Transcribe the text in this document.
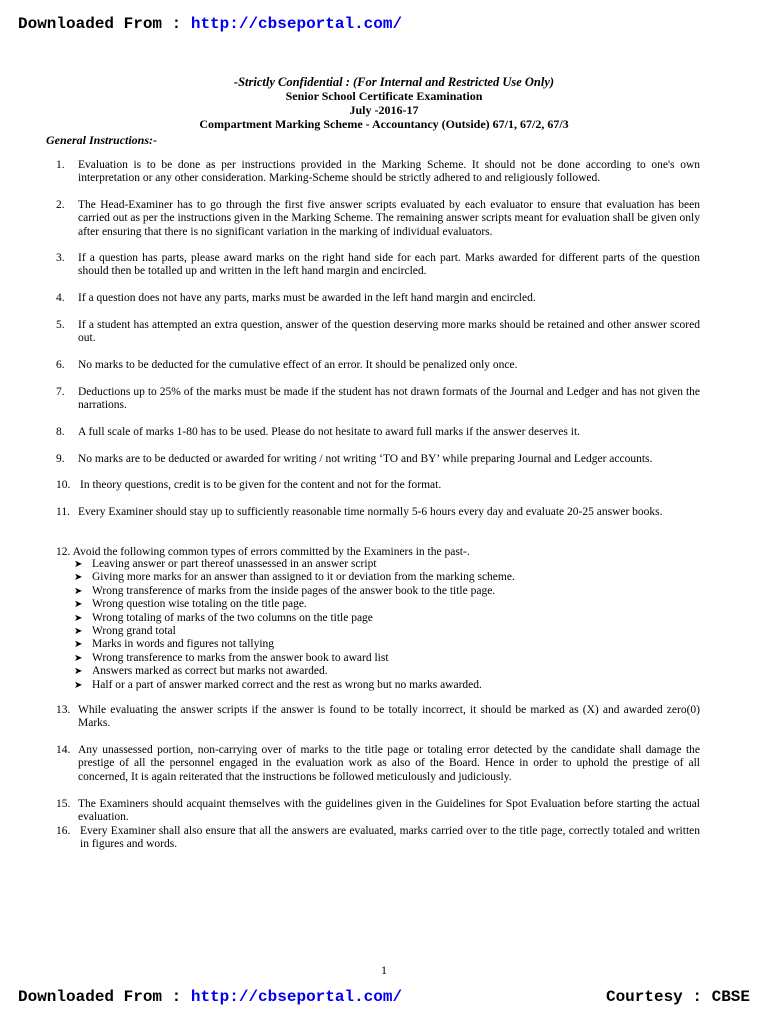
Downloaded From : http://cbseportal.com/
-Strictly Confidential : (For Internal and Restricted Use Only)
Senior School Certificate Examination
July -2016-17
Compartment Marking Scheme - Accountancy (Outside) 67/1, 67/2, 67/3
General Instructions:-
1. Evaluation is to be done as per instructions provided in the Marking Scheme. It should not be done according to one's own interpretation or any other consideration. Marking-Scheme should be strictly adhered to and religiously followed.
2. The Head-Examiner has to go through the first five answer scripts evaluated by each evaluator to ensure that evaluation has been carried out as per the instructions given in the Marking Scheme. The remaining answer scripts meant for evaluation shall be given only after ensuring that there is no significant variation in the marking of individual evaluators.
3. If a question has parts, please award marks on the right hand side for each part. Marks awarded for different parts of the question should then be totalled up and written in the left hand margin and encircled.
4. If a question does not have any parts, marks must be awarded in the left hand margin and encircled.
5. If a student has attempted an extra question, answer of the question deserving more marks should be retained and other answer scored out.
6. No marks to be deducted for the cumulative effect of an error. It should be penalized only once.
7. Deductions up to 25% of the marks must be made if the student has not drawn formats of the Journal and Ledger and has not given the narrations.
8. A full scale of marks 1-80 has to be used. Please do not hesitate to award full marks if the answer deserves it.
9. No marks are to be deducted or awarded for writing / not writing ‘TO and BY’ while preparing Journal and Ledger accounts.
10. In theory questions, credit is to be given for the content and not for the format.
11. Every Examiner should stay up to sufficiently reasonable time normally 5-6 hours every day and evaluate 20-25 answer books.
12. Avoid the following common types of errors committed by the Examiners in the past-.
➤ Leaving answer or part thereof unassessed in an answer script
➤ Giving more marks for an answer than assigned to it or deviation from the marking scheme.
➤ Wrong transference of marks from the inside pages of the answer book to the title page.
➤ Wrong question wise totaling on the title page.
➤ Wrong totaling of marks of the two columns on the title page
➤ Wrong grand total
➤ Marks in words and figures not tallying
➤ Wrong transference to marks from the answer book to award list
➤ Answers marked as correct but marks not awarded.
➤ Half or a part of answer marked correct and the rest as wrong but no marks awarded.
13. While evaluating the answer scripts if the answer is found to be totally incorrect, it should be marked as (X) and awarded zero(0) Marks.
14. Any unassessed portion, non-carrying over of marks to the title page or totaling error detected by the candidate shall damage the prestige of all the personnel engaged in the evaluation work as also of the Board. Hence in order to uphold the prestige of all concerned, It is again reiterated that the instructions be followed meticulously and judiciously.
15. The Examiners should acquaint themselves with the guidelines given in the Guidelines for Spot Evaluation before starting the actual evaluation.
16. Every Examiner shall also ensure that all the answers are evaluated, marks carried over to the title page, correctly totaled and written in figures and words.
1
Downloaded From : http://cbseportal.com/	Courtesy : CBSE
